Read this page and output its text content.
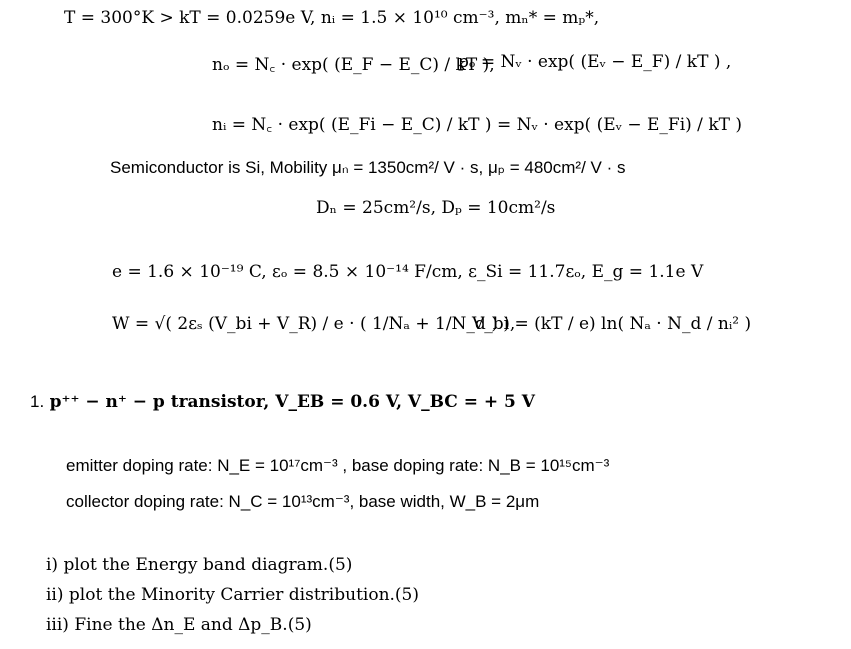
T = 300°K > kT = 0.0259e V, nᵢ = 1.5 × 10¹⁰ cm⁻³, mₙ* = mₚ*,
nₒ = N꜀ · exp( (E_F − E_C) / kT ),
pₒ = Nᵥ · exp( (Eᵥ − E_F) / kT ) ,
nᵢ = N꜀ · exp( (E_Fi − E_C) / kT ) = Nᵥ · exp( (Eᵥ − E_Fi) / kT )
Semiconductor is Si, Mobility μₙ = 1350cm²/ V · s, μₚ = 480cm²/ V · s
Dₙ = 25cm²/s, Dₚ = 10cm²/s
e = 1.6 × 10⁻¹⁹ C, εₒ = 8.5 × 10⁻¹⁴ F/cm, ε_Si = 11.7εₒ, E_g = 1.1e V
W = √( 2εₛ (V_bi + V_R) / e · ( 1/Nₐ + 1/N_d ) ),
V_bi = (kT / e) ln( Nₐ · N_d / nᵢ² )
1. p⁺⁺ − n⁺ − p transistor, V_EB = 0.6 V, V_BC = + 5 V
emitter doping rate: N_E = 10¹⁷cm⁻³ , base doping rate: N_B = 10¹⁵cm⁻³
collector doping rate: N_C = 10¹³cm⁻³, base width, W_B = 2μm
i) plot the Energy band diagram.(5)
ii) plot the Minority Carrier distribution.(5)
iii) Fine the Δn_E and Δp_B.(5)
